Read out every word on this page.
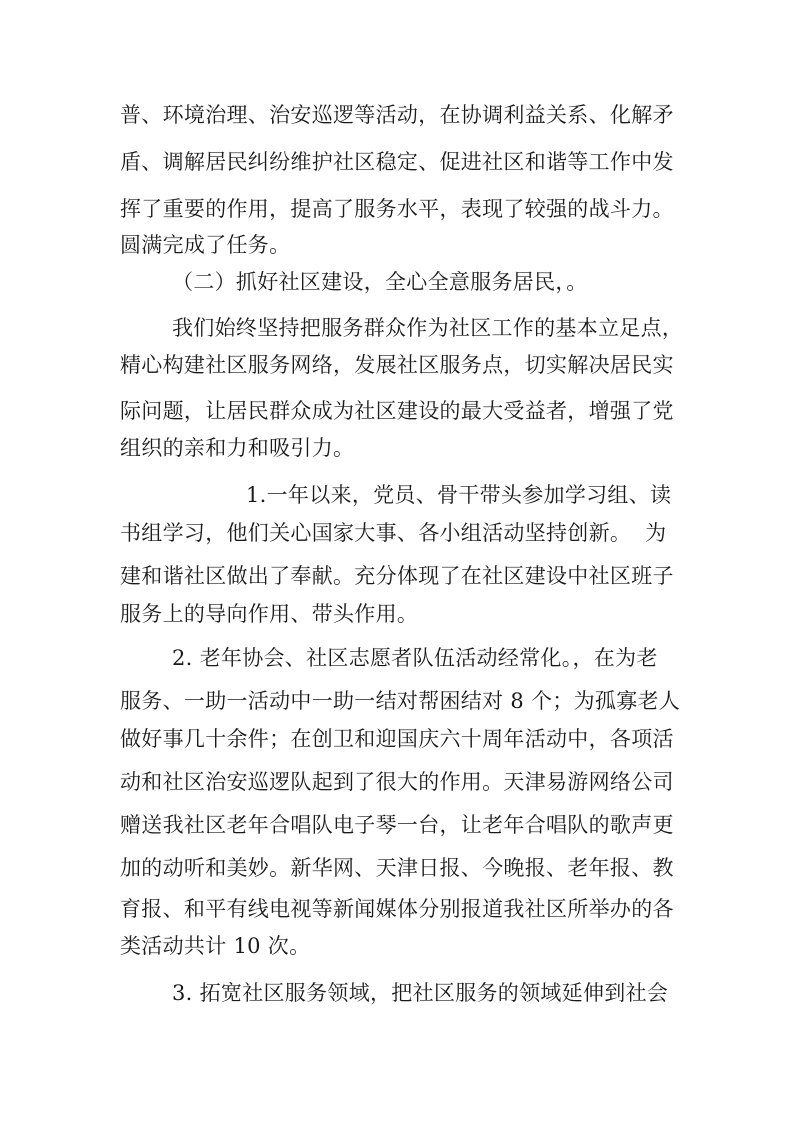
普、环境治理、治安巡逻等活动，在协调利益关系、化解矛
盾、调解居民纠纷维护社区稳定、促进社区和谐等工作中发
挥了重要的作用，提高了服务水平，表现了较强的战斗力。
圆满完成了任务。
（二）抓好社区建设，全心全意服务居民，。
我们始终坚持把服务群众作为社区工作的基本立足点，
精心构建社区服务网络，发展社区服务点，切实解决居民实
际问题，让居民群众成为社区建设的最大受益者，增强了党
组织的亲和力和吸引力。
1.一年以来，党员、骨干带头参加学习组、读
书组学习，他们关心国家大事、各小组活动坚持创新。  为
建和谐社区做出了奉献。充分体现了在社区建设中社区班子
服务上的导向作用、带头作用。
2. 老年协会、社区志愿者队伍活动经常化。，在为老
服务、一助一活动中一助一结对帮困结对 8 个；为孤寡老人
做好事几十余件；在创卫和迎国庆六十周年活动中，各项活
动和社区治安巡逻队起到了很大的作用。天津易游网络公司
赠送我社区老年合唱队电子琴一台，让老年合唱队的歌声更
加的动听和美妙。新华网、天津日报、今晚报、老年报、教
育报、和平有线电视等新闻媒体分别报道我社区所举办的各
类活动共计 10 次。
3. 拓宽社区服务领域，把社区服务的领域延伸到社会
